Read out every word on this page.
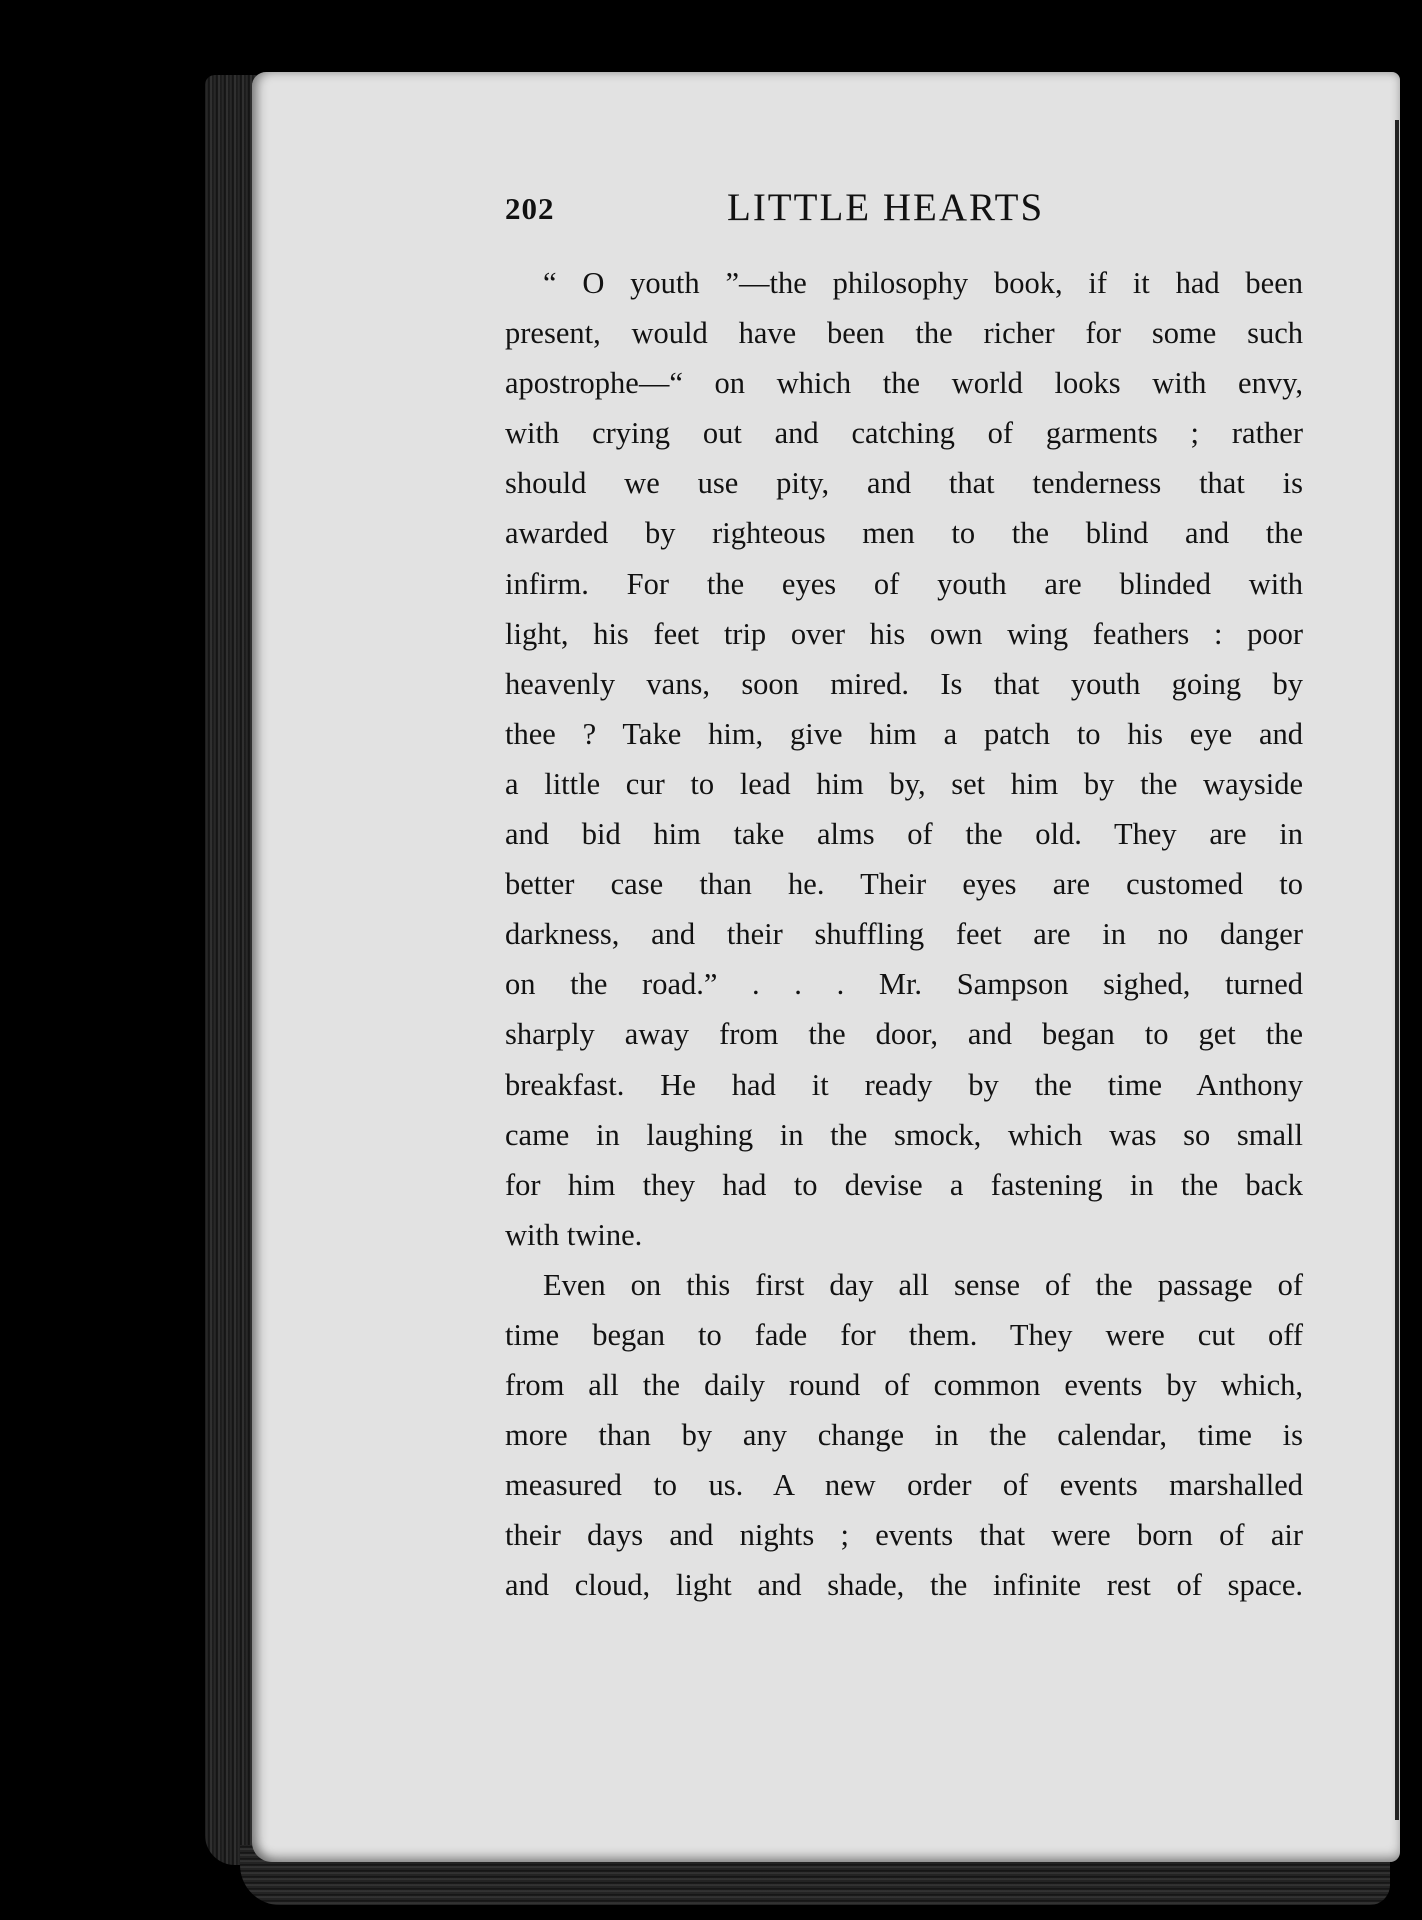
202	LITTLE HEARTS
“ O youth ”—the philosophy book, if it had been
present, would have been the richer for some such
apostrophe—“ on which the world looks with envy,
with crying out and catching of garments ; rather
should we use pity, and that tenderness that is
awarded by righteous men to the blind and the
infirm. For the eyes of youth are blinded with
light, his feet trip over his own wing feathers : poor
heavenly vans, soon mired. Is that youth going by
thee ? Take him, give him a patch to his eye and
a little cur to lead him by, set him by the wayside
and bid him take alms of the old. They are in
better case than he. Their eyes are customed to
darkness, and their shuffling feet are in no danger
on the road.” . . . Mr. Sampson sighed, turned
sharply away from the door, and began to get the
breakfast. He had it ready by the time Anthony
came in laughing in the smock, which was so small
for him they had to devise a fastening in the back
with twine.
Even on this first day all sense of the passage of
time began to fade for them. They were cut off
from all the daily round of common events by which,
more than by any change in the calendar, time is
measured to us. A new order of events marshalled
their days and nights ; events that were born of air
and cloud, light and shade, the infinite rest of space.
